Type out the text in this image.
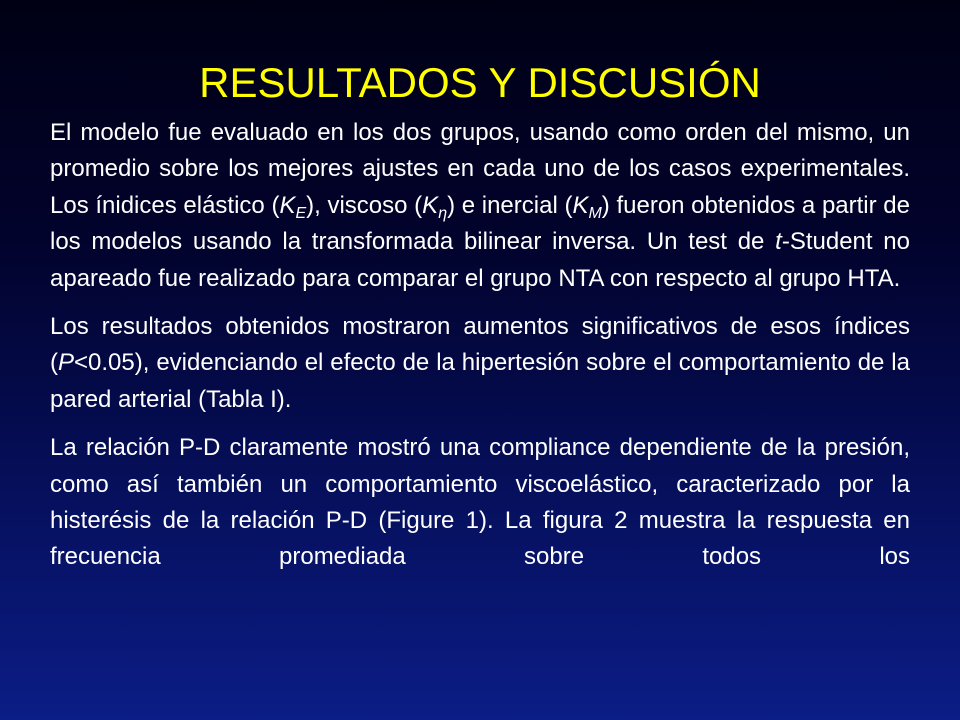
RESULTADOS Y DISCUSIÓN

El modelo fue evaluado en los dos grupos, usando como orden del mismo, un promedio sobre los mejores ajustes en cada uno de los casos experimentales. Los ínidices elástico $(K_E)$, viscoso $(K_\eta)$ e inercial $(K_M)$ fueron obtenidos a partir de los modelos usando la transformada bilinear inversa. Un test de t-Student no apareado fue realizado para comparar el grupo NTA con respecto al grupo HTA.

Los resultados obtenidos mostraron aumentos significativos de esos índices (P<0.05), evidenciando el efecto de la hipertesión sobre el comportamiento de la pared arterial (Tabla I).

La relación P-D claramente mostró una compliance dependiente de la presión, como así también un comportamiento viscoelástico, caracterizado por la histerésis de la relación P-D (Figure 1). La figura 2 muestra la respuesta en frecuencia promediada sobre todos los
